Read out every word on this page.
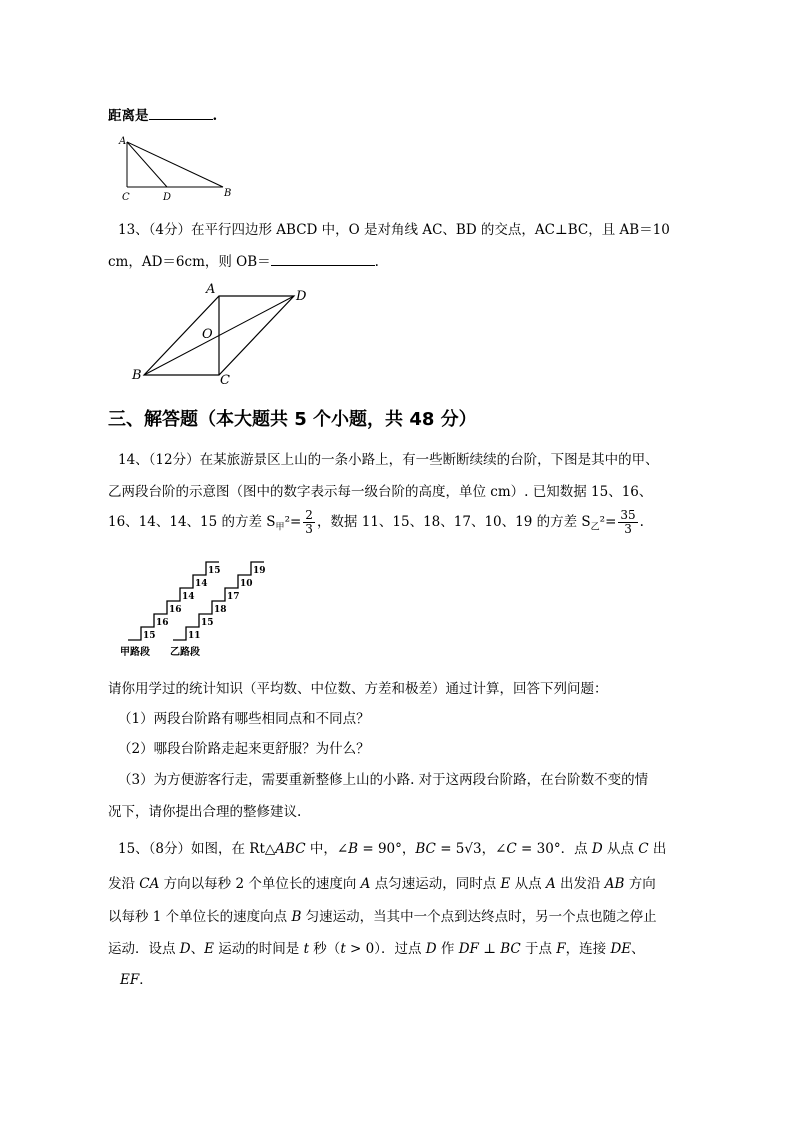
距离是	.
A
C	D	B
13、（4分）在平行四边形 ABCD 中，O 是对角线 AC、BD 的交点，AC⊥BC，且 AB＝10
cm，AD＝6cm，则 OB＝	.
A	D
O
B	C
三、解答题（本大题共 5 个小题，共 48 分）
14、（12分）在某旅游景区上山的一条小路上，有一些断断续续的台阶，下图是其中的甲、
乙两段台阶的示意图（图中的数字表示每一级台阶的高度，单位 cm）. 已知数据 15、16、
16、14、14、15 的方差 $S_甲^2= \frac{2}{3}$ ，数据 11、15、18、17、10、19 的方差 $S_乙^2= \frac{35}{3}$ .
15
16
16
14
14
15
11
15
18
17
10
19
甲路段 乙路段
请你用学过的统计知识（平均数、中位数、方差和极差）通过计算，回答下列问题：
（1）两段台阶路有哪些相同点和不同点？
（2）哪段台阶路走起来更舒服？为什么？
（3）为方便游客行走，需要重新整修上山的小路. 对于这两段台阶路，在台阶数不变的情
况下，请你提出合理的整修建议.
15、（8分）如图，在 Rt△ABC 中，∠B = 90°，BC = 5√3，∠C = 30°．点 D 从点 C 出
发沿 CA 方向以每秒 2 个单位长的速度向 A 点匀速运动，同时点 E 从点 A 出发沿 AB 方向
以每秒 1 个单位长的速度向点 B 匀速运动，当其中一个点到达终点时，另一个点也随之停止
运动．设点 D、E 运动的时间是 t 秒（t > 0）．过点 D 作 DF ⊥ BC 于点 F，连接 DE、
EF．
